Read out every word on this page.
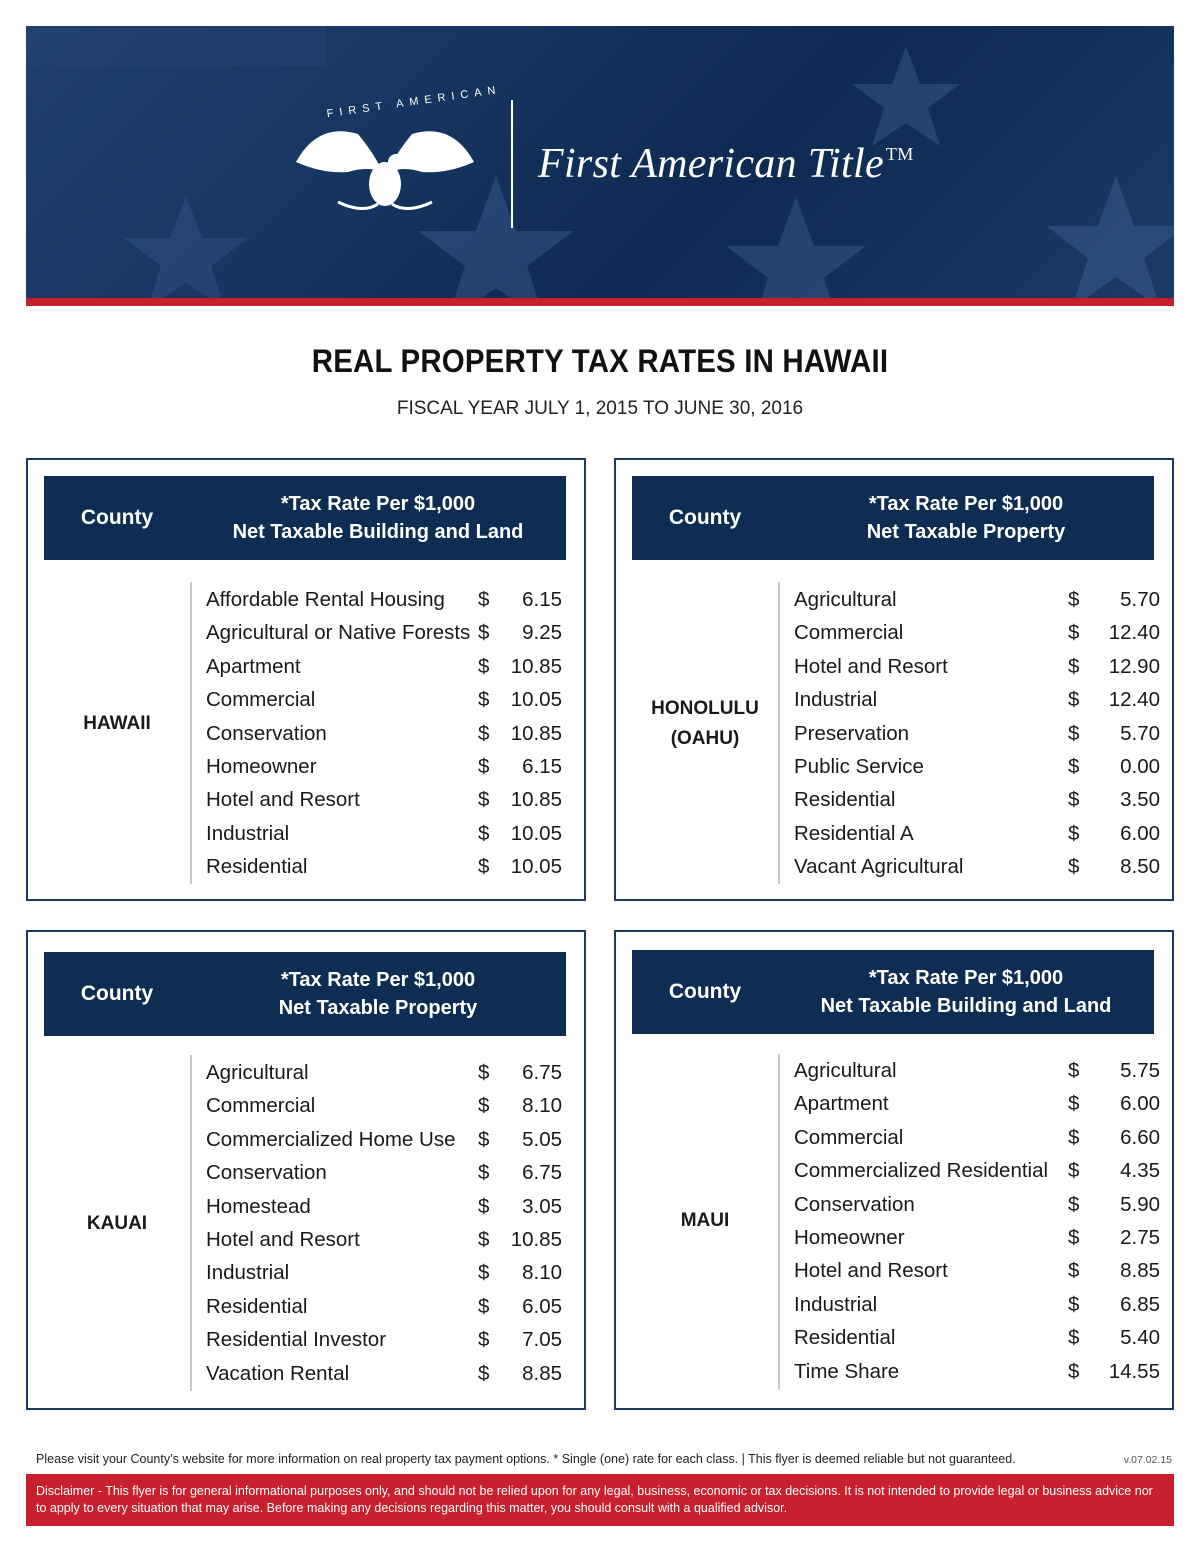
FIRST AMERICAN
First American Title ™
REAL PROPERTY TAX RATES IN HAWAII
FISCAL YEAR JULY 1, 2015 TO JUNE 30, 2016
County
*Tax Rate Per $1,000
Net Taxable Building and Land
HAWAII
Affordable Rental Housing $ 6.15
Agricultural or Native Forests $ 9.25
Apartment	$ 10.85
Commercial	$ 10.05
Conservation	$ 10.85
Homeowner	$ 6.15
Hotel and Resort	$ 10.85
Industrial	$ 10.05
Residential	$ 10.05
County
*Tax Rate Per $1,000
Net Taxable Property
HONOLULU
(OAHU)
Agricultural	$ 5.70
Commercial	$ 12.40
Hotel and Resort	$ 12.90
Industrial	$ 12.40
Preservation	$ 5.70
Public Service	$ 0.00
Residential	$ 3.50
Residential A	$ 6.00
Vacant Agricultural	$ 8.50
County
*Tax Rate Per $1,000
Net Taxable Property
KAUAI
Agricultural	$ 6.75
Commercial	$ 8.10
Commercialized Home Use $ 5.05
Conservation	$ 6.75
Homestead	$ 3.05
Hotel and Resort	$ 10.85
Industrial	$ 8.10
Residential	$ 6.05
Residential Investor	$ 7.05
Vacation Rental	$ 8.85
County
*Tax Rate Per $1,000
Net Taxable Building and Land
MAUI
Agricultural	$ 5.75
Apartment	$ 6.00
Commercial	$ 6.60
Commercialized Residential $ 4.35
Conservation	$ 5.90
Homeowner	$ 2.75
Hotel and Resort	$ 8.85
Industrial	$ 6.85
Residential	$ 5.40
Time Share	$ 14.55
Please visit your County’s website for more information on real property tax payment options. * Single (one) rate for each class. | This flyer is deemed reliable but not guaranteed.	v.07.02.15
Disclaimer - This flyer is for general informational purposes only, and should not be relied upon for any legal, business, economic or tax decisions. It is not intended to provide legal or business advice nor to apply to every situation that may arise. Before making any decisions regarding this matter, you should consult with a qualified advisor.
